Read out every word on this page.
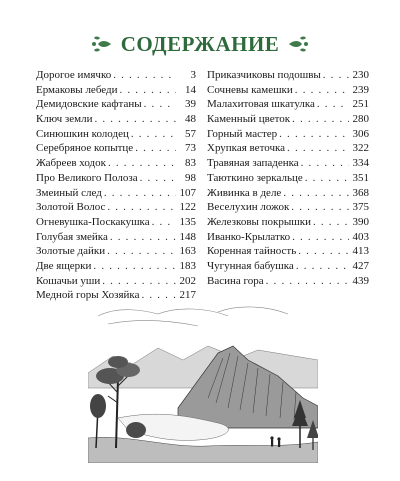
СОДЕРЖАНИЕ
Дорогое имячко . . .	3
Ермаковы лебеди . . .	14
Демидовские кафтаны . . .	39
Ключ земли . . .	48
Синюшкин колодец . . .	57
Серебряное копытце . . .	73
Жабреев ходок . . .	83
Про Великого Полоза . . .	98
Змеиный след . . .	107
Золотой Волос . . .	122
Огневушка-Поскакушка . . .	135
Голубая змейка . . .	148
Золотые дайки . . .	163
Две ящерки . . .	183
Кошачьи уши . . .	202
Медной горы Хозяйка . . .	217
Приказчиковы подошвы . . .	230
Сочневы камешки . . .	239
Малахитовая шкатулка . . .	251
Каменный цветок . . .	280
Горный мастер . . .	306
Хрупкая веточка . . .	322
Травяная западенка . . .	334
Таюткино зеркальце . . .	351
Живинка в деле . . .	368
Веселухин ложок . . .	375
Железковы покрышки . . .	390
Иванко-Крылатко . . .	403
Коренная тайность . . .	413
Чугунная бабушка . . .	427
Васина гора . . .	439
